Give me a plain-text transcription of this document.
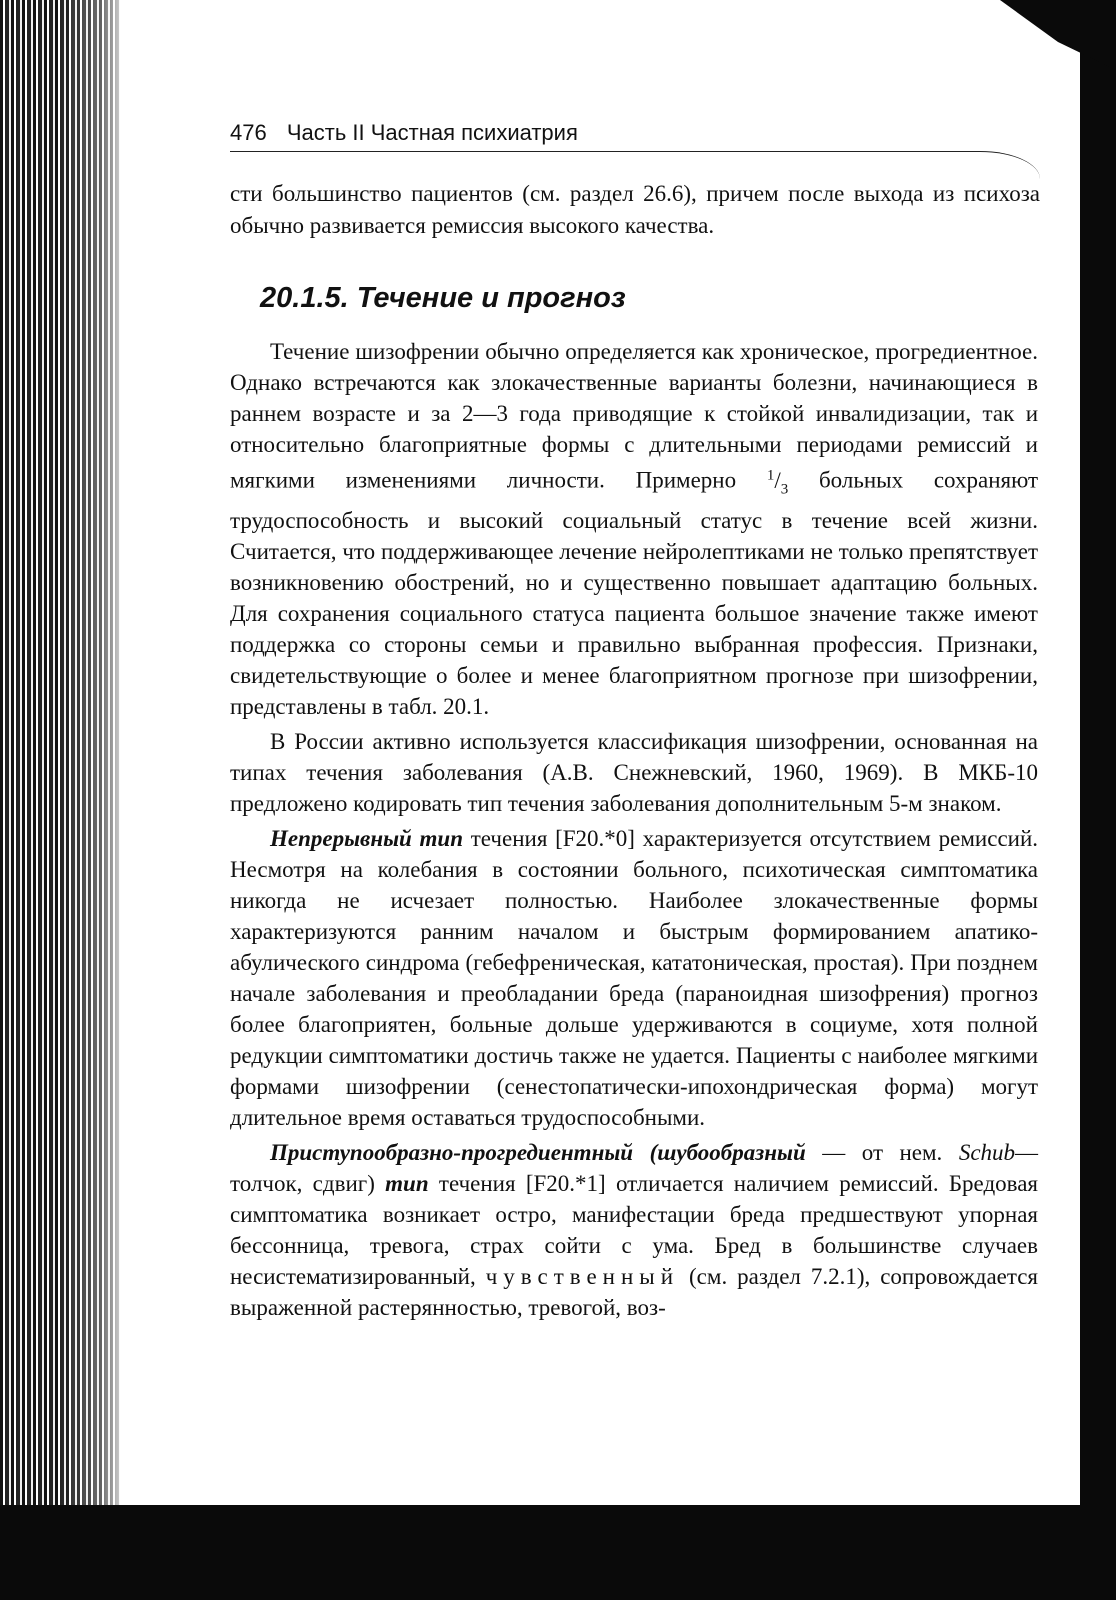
476 Часть II Частная психиатрия
сти большинство пациентов (см. раздел 26.6), причем после выхода из психоза обычно развивается ремиссия высокого качества.
20.1.5. Течение и прогноз

Течение шизофрении обычно определяется как хроническое, прогредиентное. Однако встречаются как злокачественные варианты болезни, начинающиеся в раннем возрасте и за 2—3 года приводящие к стойкой инвалидизации, так и относительно благоприятные формы с длительными периодами ремиссий и мягкими изменениями личности. Примерно $^1/_3$ больных сохраняют трудоспособность и высокий социальный статус в течение всей жизни. Считается, что поддерживающее лечение нейролептиками не только препятствует возникновению обострений, но и существенно повышает адаптацию больных. Для сохранения социального статуса пациента большое значение также имеют поддержка со стороны семьи и правильно выбранная профессия. Признаки, свидетельствующие о более и менее благоприятном прогнозе при шизофрении, представлены в табл. 20.1.

В России активно используется классификация шизофрении, основанная на типах течения заболевания (А.В. Снежневский, 1960, 1969). В МКБ-10 предложено кодировать тип течения заболевания дополнительным 5-м знаком.

Непрерывный тип течения [F20.*0] характеризуется отсутствием ремиссий. Несмотря на колебания в состоянии больного, психотическая симптоматика никогда не исчезает полностью. Наиболее злокачественные формы характеризуются ранним началом и быстрым формированием апатико-абулического синдрома (гебефреническая, кататоническая, простая). При позднем начале заболевания и преобладании бреда (параноидная шизофрения) прогноз более благоприятен, больные дольше удерживаются в социуме, хотя полной редукции симптоматики достичь также не удается. Пациенты с наиболее мягкими формами шизофрении (сенестопатически-ипохондрическая форма) могут длительное время оставаться трудоспособными.

Приступообразно-прогредиентный (шубообразный — от нем. Schub— толчок, сдвиг) тип течения [F20.*1] отличается наличием ремиссий. Бредовая симптоматика возникает остро, манифестации бреда предшествуют упорная бессонница, тревога, страх сойти с ума. Бред в большинстве случаев несистематизированный, чувственный (см. раздел 7.2.1), сопровождается выраженной растерянностью, тревогой, воз-
